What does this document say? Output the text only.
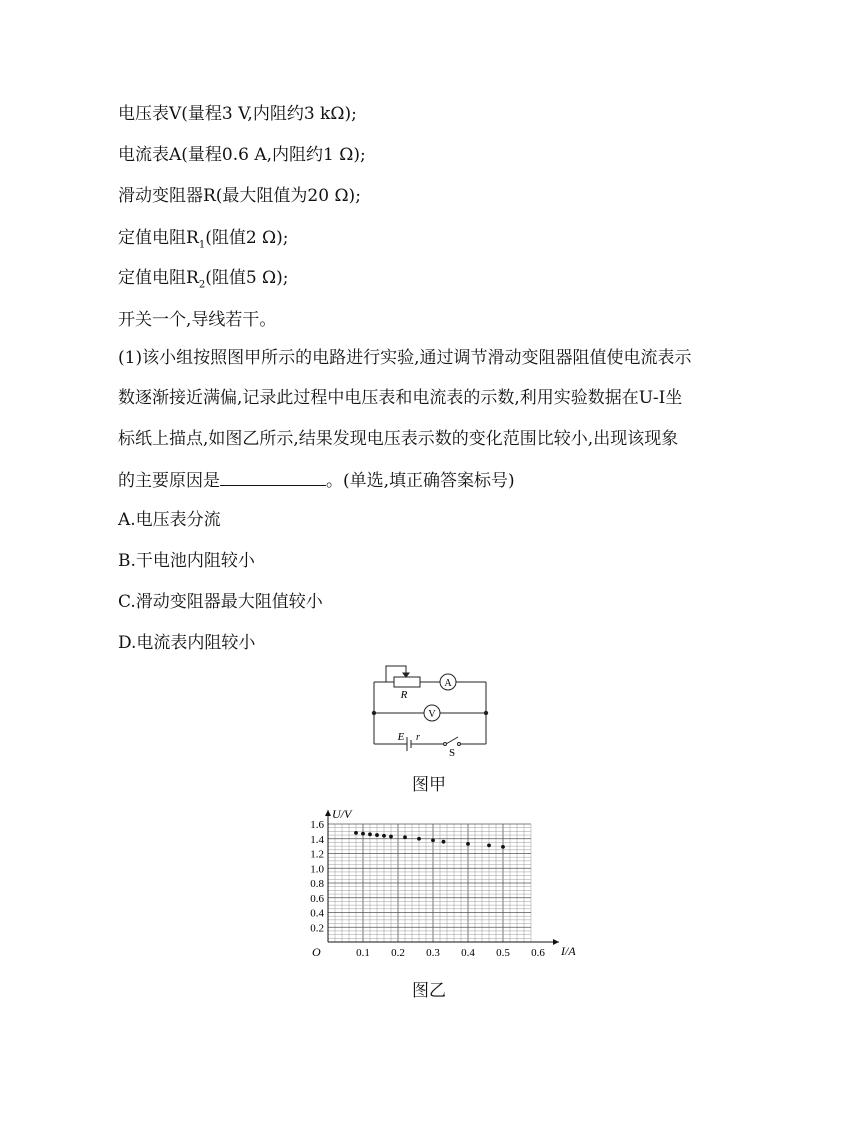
电压表V(量程3 V,内阻约3 kΩ);
电流表A(量程0.6 A,内阻约1 Ω);
滑动变阻器R(最大阻值为20 Ω);
定值电阻$R_1$(阻值2 Ω);
定值电阻$R_2$(阻值5 Ω);
开关一个,导线若干。
(1)该小组按照图甲所示的电路进行实验,通过调节滑动变阻器阻值使电流表示
数逐渐接近满偏,记录此过程中电压表和电流表的示数,利用实验数据在U-I坐
标纸上描点,如图乙所示,结果发现电压表示数的变化范围比较小,出现该现象
的主要原因是	。(单选,填正确答案标号)
A.电压表分流
B.干电池内阻较小
C.滑动变阻器最大阻值较小
D.电流表内阻较小
R
A
V
E r
S
图甲
I/A
U/V
O	0.1 0.2 0.3 0.4 0.5 0.6
0.2
0.4
0.6
0.8
1.0
1.2
1.4
1.6
图乙
